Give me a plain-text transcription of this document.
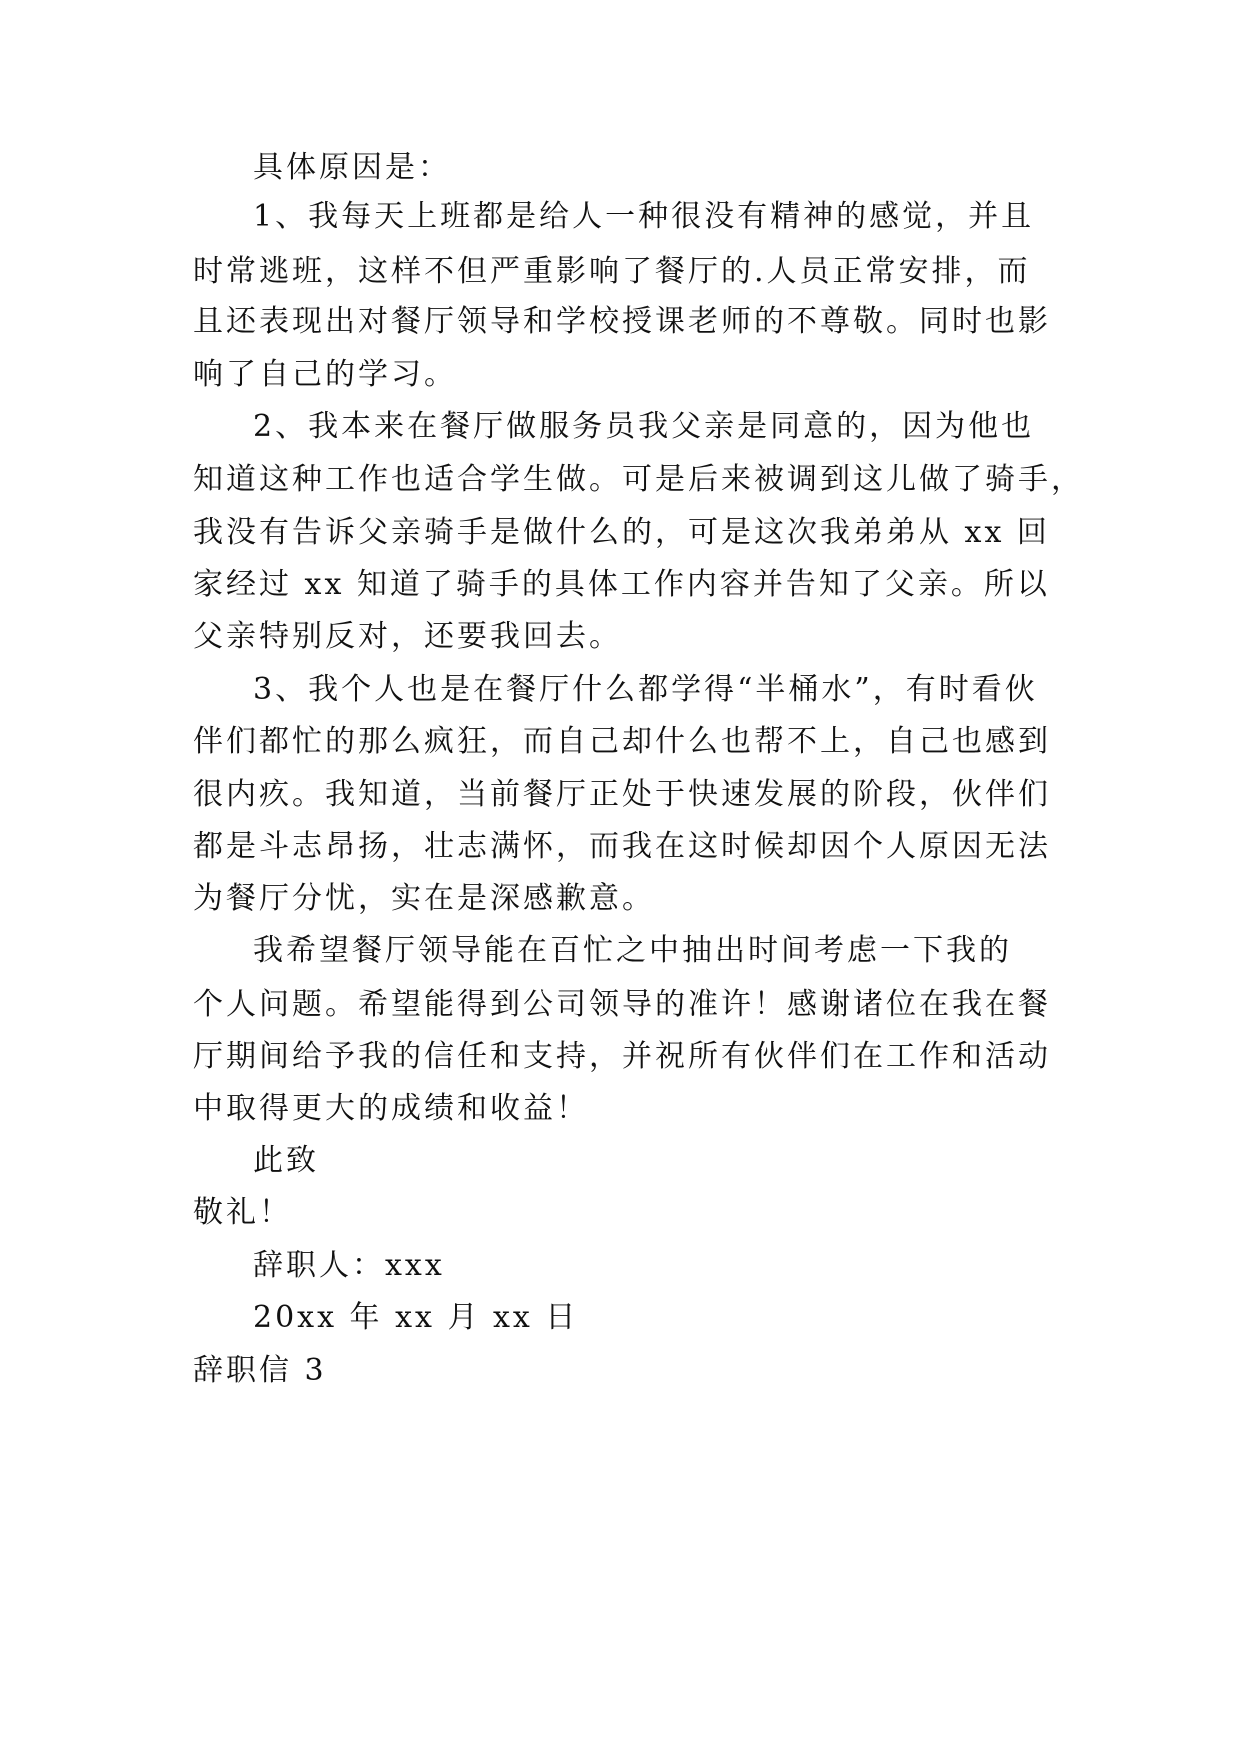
具体原因是：
1、我每天上班都是给人一种很没有精神的感觉，并且
时常逃班，这样不但严重影响了餐厅的.人员正常安排，而
且还表现出对餐厅领导和学校授课老师的不尊敬。同时也影
响了自己的学习。
2、我本来在餐厅做服务员我父亲是同意的，因为他也
知道这种工作也适合学生做。可是后来被调到这儿做了骑手，
我没有告诉父亲骑手是做什么的，可是这次我弟弟从 xx 回
家经过 xx 知道了骑手的具体工作内容并告知了父亲。所以
父亲特别反对，还要我回去。
3、我个人也是在餐厅什么都学得“半桶水”，有时看伙
伴们都忙的那么疯狂，而自己却什么也帮不上，自己也感到
很内疚。我知道，当前餐厅正处于快速发展的阶段，伙伴们
都是斗志昂扬，壮志满怀，而我在这时候却因个人原因无法
为餐厅分忧，实在是深感歉意。
我希望餐厅领导能在百忙之中抽出时间考虑一下我的
个人问题。希望能得到公司领导的准许！感谢诸位在我在餐
厅期间给予我的信任和支持，并祝所有伙伴们在工作和活动
中取得更大的成绩和收益！
此致
敬礼！
辞职人：xxx
20xx 年 xx 月 xx 日
辞职信 3
